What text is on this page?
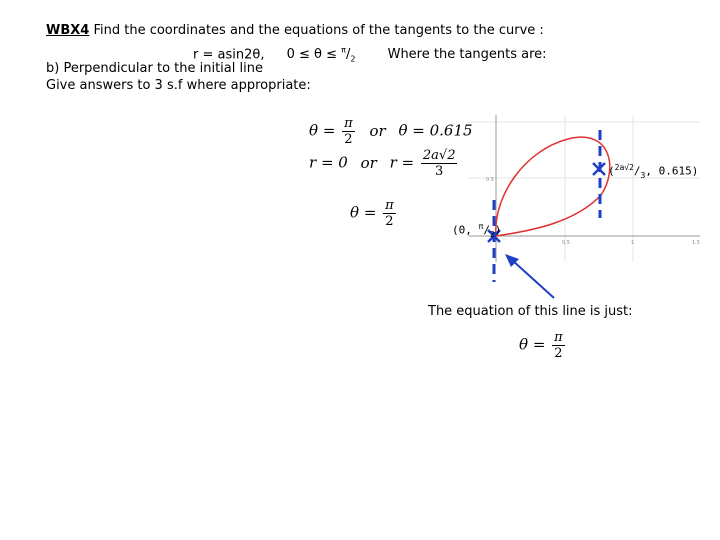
WBX4 Find the coordinates and the equations of the tangents to the curve :
r = asin2θ, $0 \le \theta \le ^\pi/_2$ Where the tangents are:
b) Perpendicular to the initial line
Give answers to 3 s.f where appropriate:
$\theta = \frac{\pi}{2}$ or θ = 0.615
r = 0 or $r = \frac{2a√2}{3}$
$\theta = \frac{\pi}{2}$
0.5	1	1.5
0.5
($^{2a√2}/_3$, 0.615)
(0, $^\pi/_2$)
The equation of this line is just:
$\theta = \frac{\pi}{2}$
